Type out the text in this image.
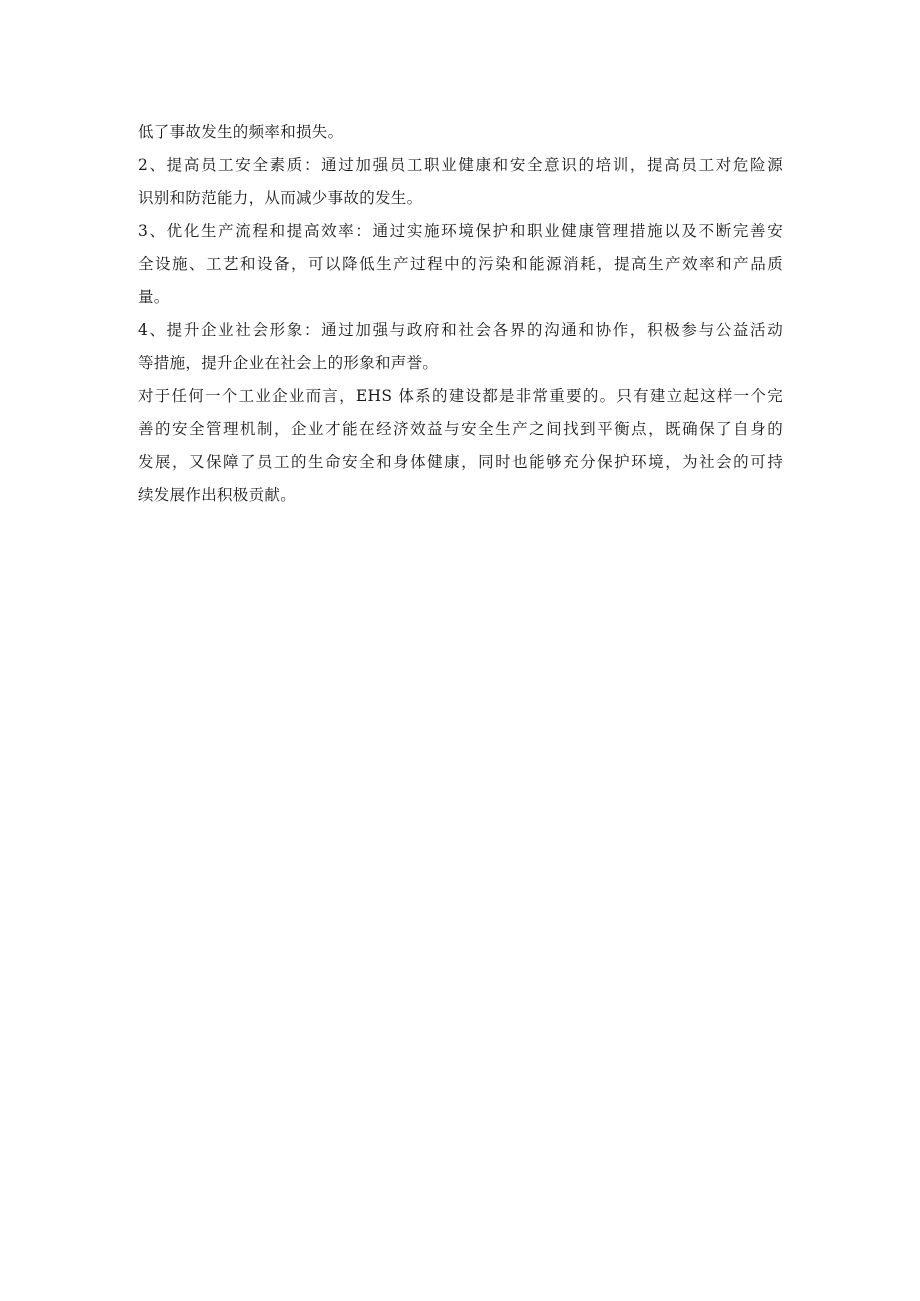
低了事故发生的频率和损失。

2、提高员工安全素质：通过加强员工职业健康和安全意识的培训，提高员工对危险源
识别和防范能力，从而减少事故的发生。

3、优化生产流程和提高效率：通过实施环境保护和职业健康管理措施以及不断完善安
全设施、工艺和设备，可以降低生产过程中的污染和能源消耗，提高生产效率和产品质
量。

4、提升企业社会形象：通过加强与政府和社会各界的沟通和协作，积极参与公益活动
等措施，提升企业在社会上的形象和声誉。

对于任何一个工业企业而言，EHS 体系的建设都是非常重要的。只有建立起这样一个完
善的安全管理机制，企业才能在经济效益与安全生产之间找到平衡点，既确保了自身的
发展，又保障了员工的生命安全和身体健康，同时也能够充分保护环境，为社会的可持
续发展作出积极贡献。
